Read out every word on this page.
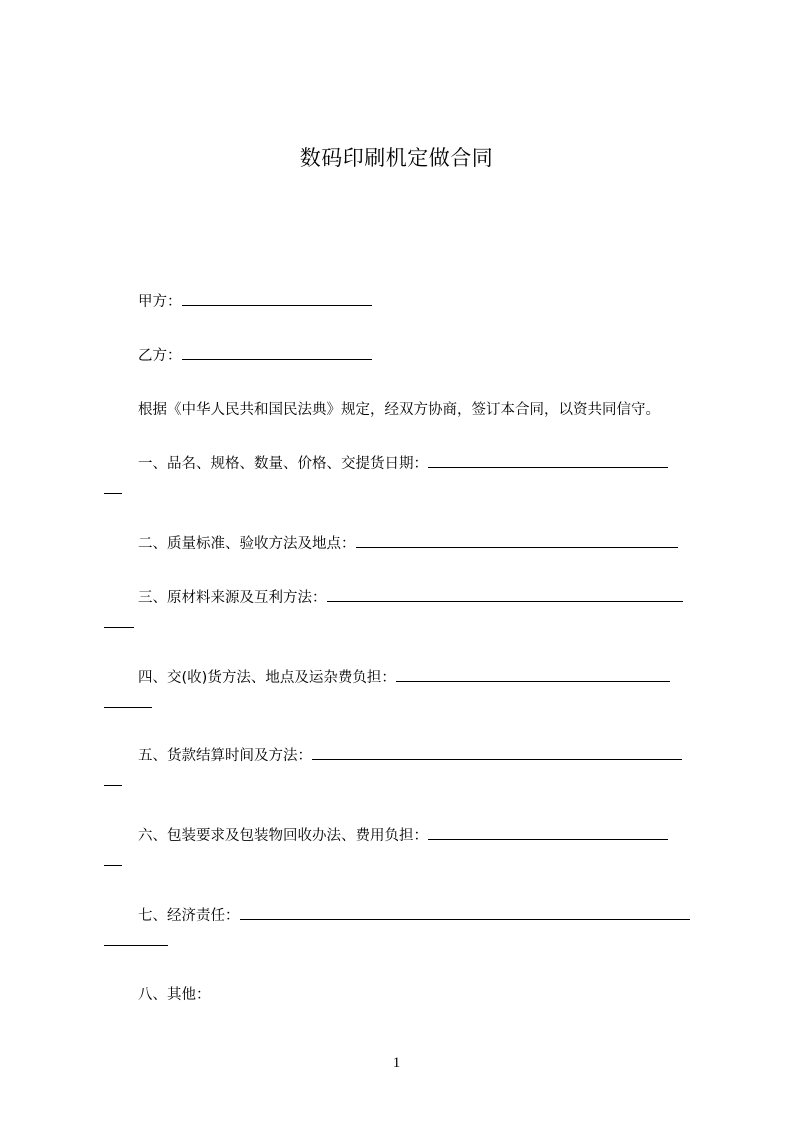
数码印刷机定做合同
甲方：
乙方：
根据《中华人民共和国民法典》规定，经双方协商，签订本合同，以资共同信守。
一、品名、规格、数量、价格、交提货日期：
二、质量标准、验收方法及地点：
三、原材料来源及互利方法：
四、交(收)货方法、地点及运杂费负担：
五、货款结算时间及方法：
六、包装要求及包装物回收办法、费用负担：
七、经济责任：
八、其他：
1
